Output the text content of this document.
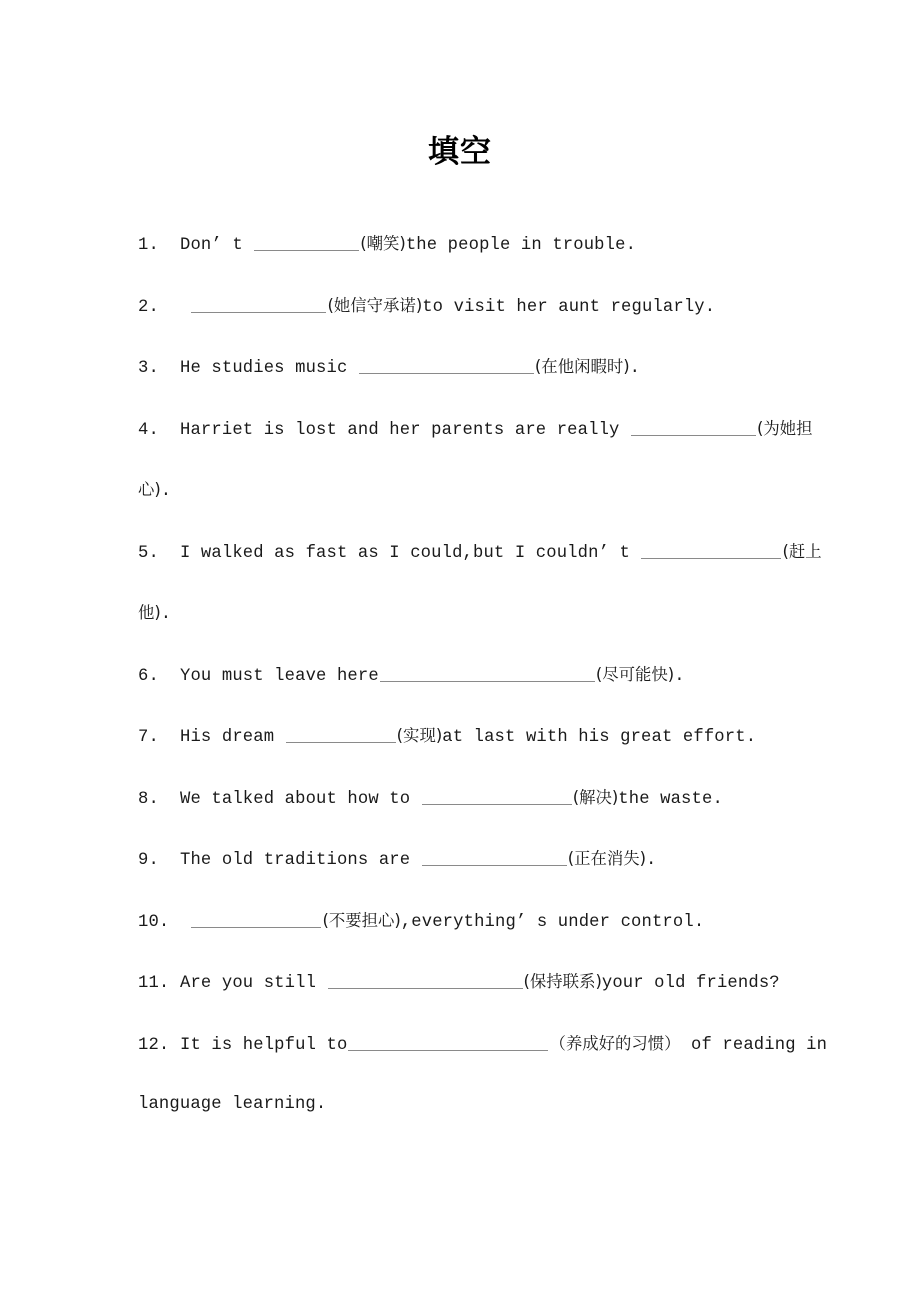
填空
1. Don’ t	(嘲笑)the people in trouble.
2.	(她信守承诺)to visit her aunt regularly.
3. He studies music	(在他闲暇时).
4. Harriet is lost and her parents are really	(为她担心).
5. I walked as fast as I could,but I couldn’ t	(赶上他).
6. You must leave here	(尽可能快).
7. His dream	(实现)at last with his great effort.
8. We talked about how to	(解决)the waste.
9. The old traditions are	(正在消失).
10.	(不要担心),everything’ s under control.
11. Are you still	(保持联系)your old friends?
12. It is helpful to	（养成好的习惯） of reading in language learning.
